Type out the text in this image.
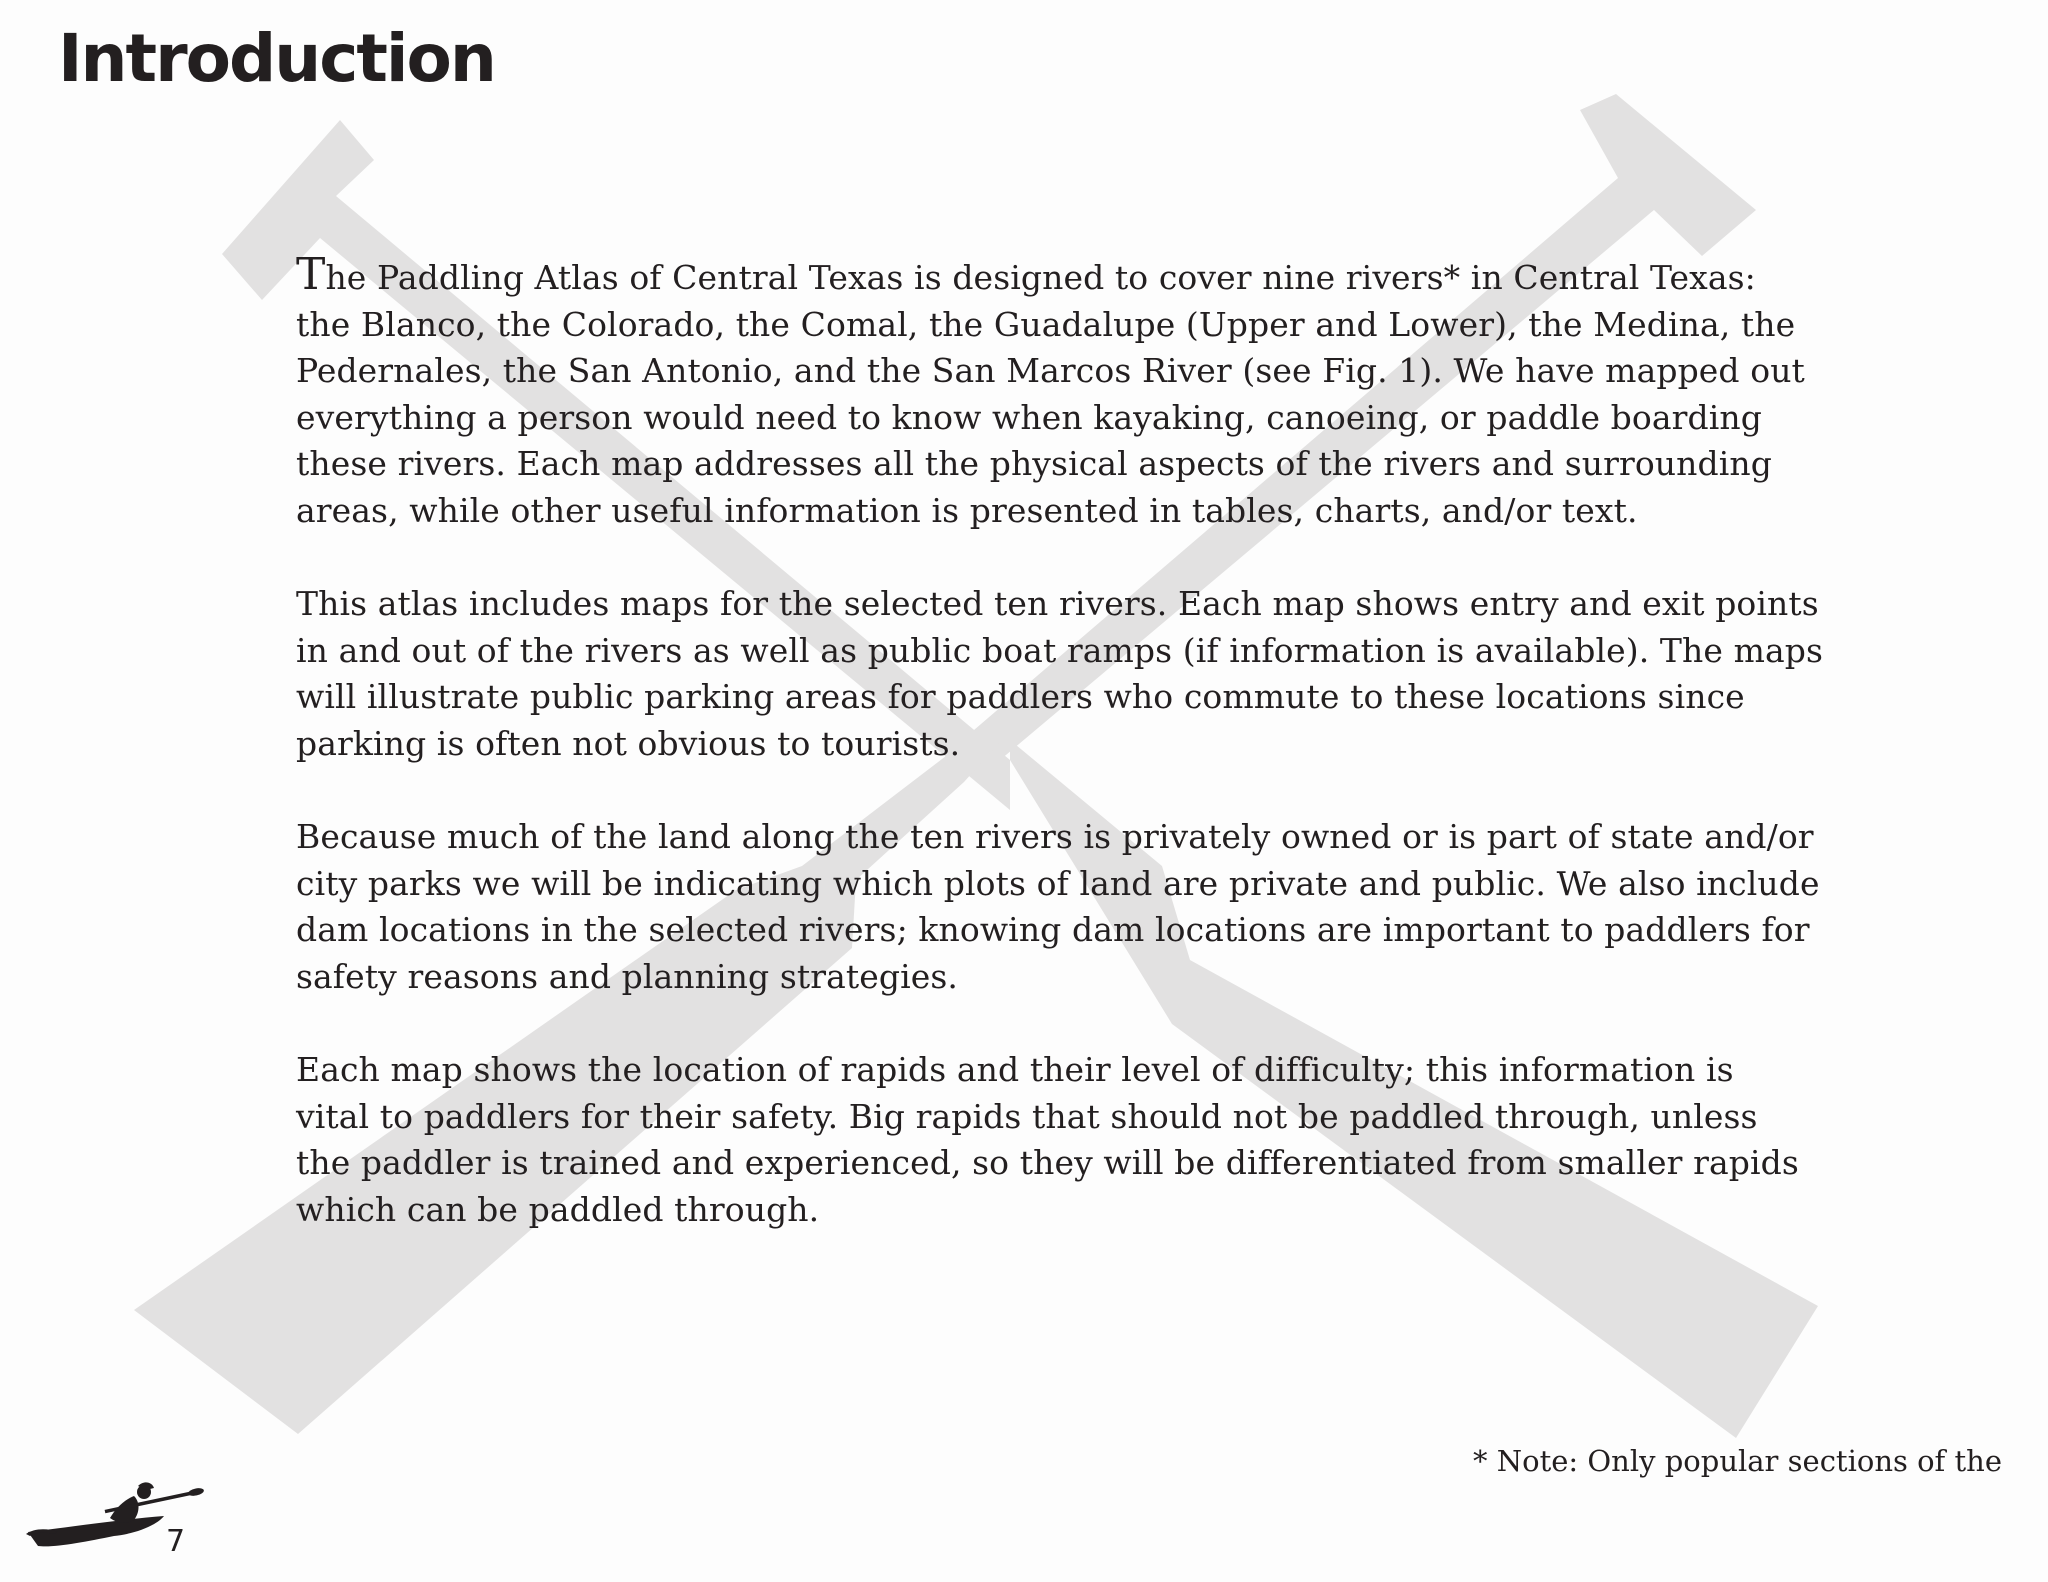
Introduction

The Paddling Atlas of Central Texas is designed to cover nine rivers* in Central Texas:
the Blanco, the Colorado, the Comal, the Guadalupe (Upper and Lower), the Medina, the
Pedernales, the San Antonio, and the San Marcos River (see Fig. 1). We have mapped out
everything a person would need to know when kayaking, canoeing, or paddle boarding
these rivers. Each map addresses all the physical aspects of the rivers and surrounding
areas, while other useful information is presented in tables, charts, and/or text.

This atlas includes maps for the selected ten rivers. Each map shows entry and exit points
in and out of the rivers as well as public boat ramps (if information is available). The maps
will illustrate public parking areas for paddlers who commute to these locations since
parking is often not obvious to tourists.

Because much of the land along the ten rivers is privately owned or is part of state and/or
city parks we will be indicating which plots of land are private and public. We also include
dam locations in the selected rivers; knowing dam locations are important to paddlers for
safety reasons and planning strategies.

Each map shows the location of rapids and their level of difficulty; this information is
vital to paddlers for their safety. Big rapids that should not be paddled through, unless
the paddler is trained and experienced, so they will be differentiated from smaller rapids
which can be paddled through.

* Note: Only popular sections of the
7
